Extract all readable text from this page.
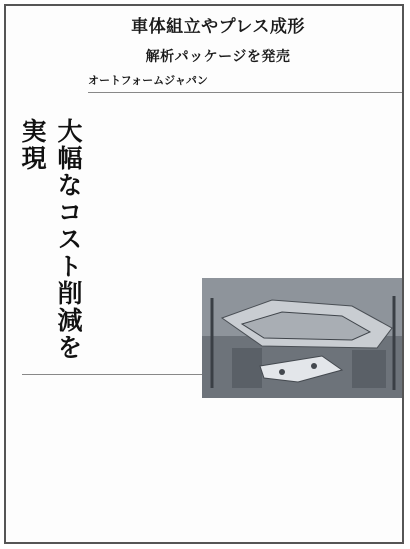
車体組立やプレス成形
解析パッケージを発売
オートフォームジャパン
大幅なコスト削減を実現
